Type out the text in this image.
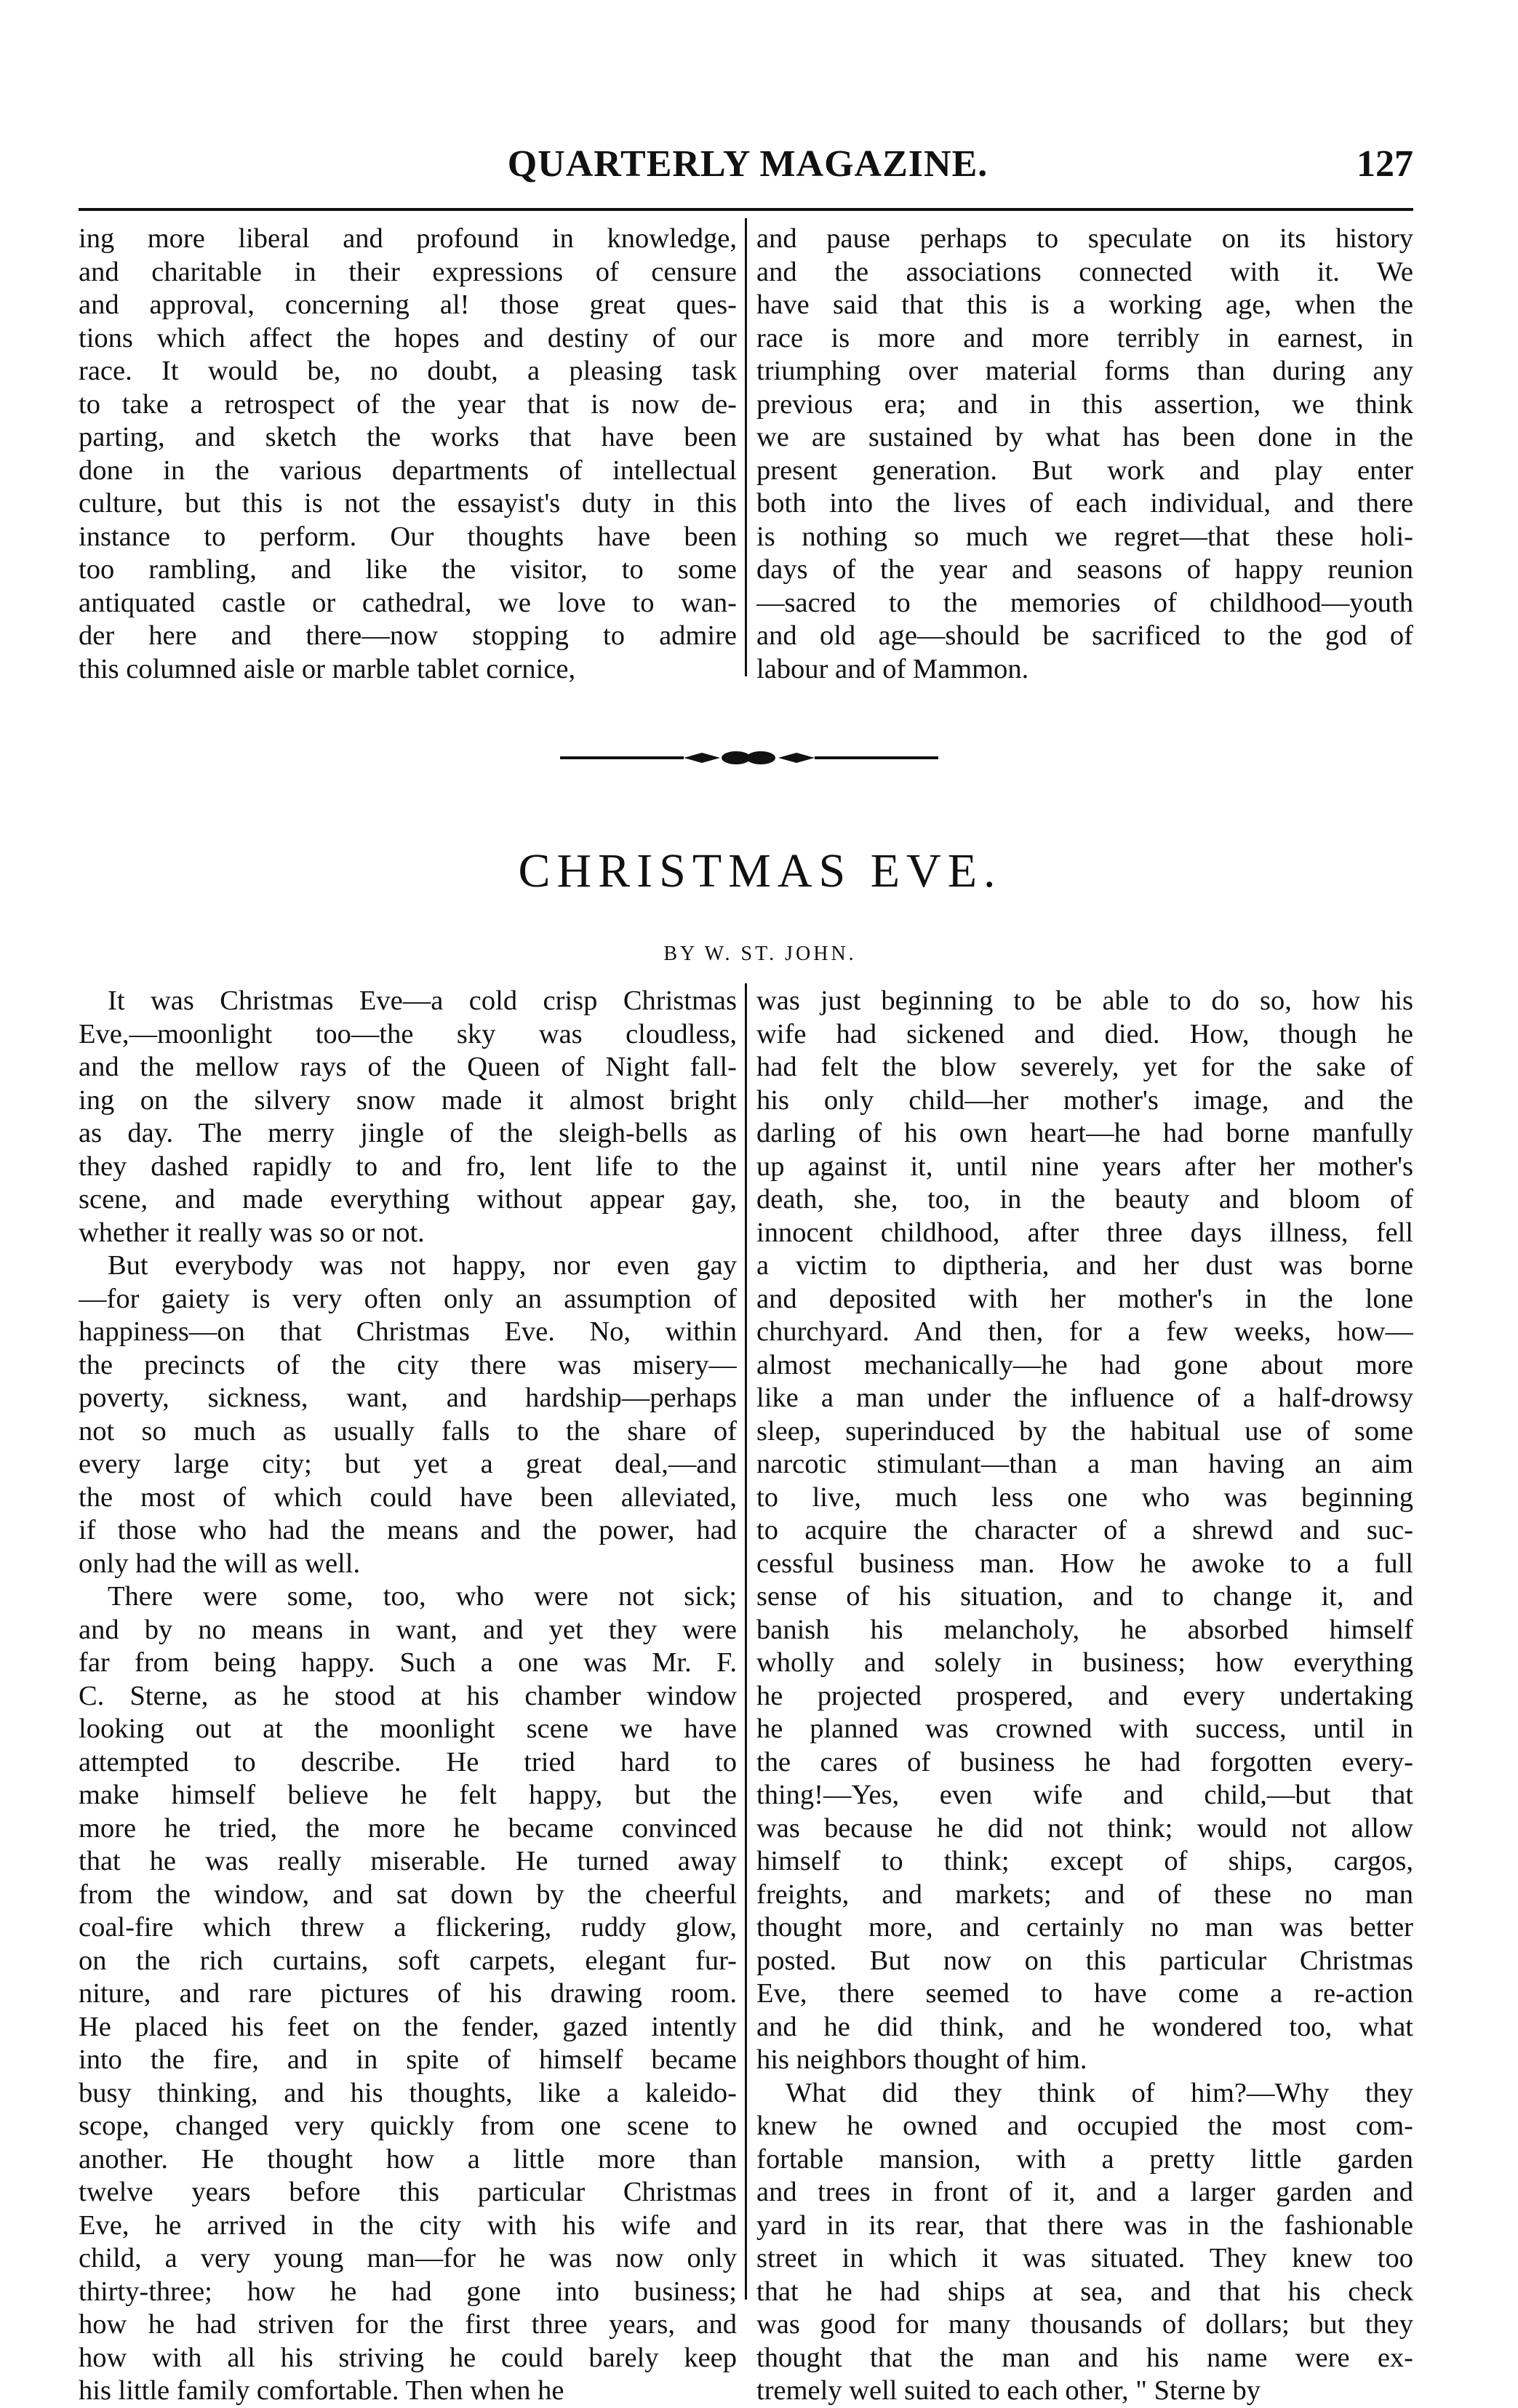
QUARTERLY MAGAZINE.	127
ing more liberal and profound in knowledge,
and charitable in their expressions of censure
and approval, concerning al! those great ques-
tions which affect the hopes and destiny of our
race. It would be, no doubt, a pleasing task
to take a retrospect of the year that is now de-
parting, and sketch the works that have been
done in the various departments of intellectual
culture, but this is not the essayist's duty in this
instance to perform. Our thoughts have been
too rambling, and like the visitor, to some
antiquated castle or cathedral, we love to wan-
der here and there—now stopping to admire
this columned aisle or marble tablet cornice,
and pause perhaps to speculate on its history
and the associations connected with it. We
have said that this is a working age, when the
race is more and more terribly in earnest, in
triumphing over material forms than during any
previous era; and in this assertion, we think
we are sustained by what has been done in the
present generation. But work and play enter
both into the lives of each individual, and there
is nothing so much we regret—that these holi-
days of the year and seasons of happy reunion
—sacred to the memories of childhood—youth
and old age—should be sacrificed to the god of
labour and of Mammon.
CHRISTMAS EVE.
BY W. ST. JOHN.
It was Christmas Eve—a cold crisp Christmas
Eve,—moonlight too—the sky was cloudless,
and the mellow rays of the Queen of Night fall-
ing on the silvery snow made it almost bright
as day. The merry jingle of the sleigh-bells as
they dashed rapidly to and fro, lent life to the
scene, and made everything without appear gay,
whether it really was so or not.
But everybody was not happy, nor even gay
—for gaiety is very often only an assumption of
happiness—on that Christmas Eve. No, within
the precincts of the city there was misery—
poverty, sickness, want, and hardship—perhaps
not so much as usually falls to the share of
every large city; but yet a great deal,—and
the most of which could have been alleviated,
if those who had the means and the power, had
only had the will as well.
There were some, too, who were not sick;
and by no means in want, and yet they were
far from being happy. Such a one was Mr. F.
C. Sterne, as he stood at his chamber window
looking out at the moonlight scene we have
attempted to describe. He tried hard to
make himself believe he felt happy, but the
more he tried, the more he became convinced
that he was really miserable. He turned away
from the window, and sat down by the cheerful
coal-fire which threw a flickering, ruddy glow,
on the rich curtains, soft carpets, elegant fur-
niture, and rare pictures of his drawing room.
He placed his feet on the fender, gazed intently
into the fire, and in spite of himself became
busy thinking, and his thoughts, like a kaleido-
scope, changed very quickly from one scene to
another. He thought how a little more than
twelve years before this particular Christmas
Eve, he arrived in the city with his wife and
child, a very young man—for he was now only
thirty-three; how he had gone into business;
how he had striven for the first three years, and
how with all his striving he could barely keep
his little family comfortable. Then when he
was just beginning to be able to do so, how his
wife had sickened and died. How, though he
had felt the blow severely, yet for the sake of
his only child—her mother's image, and the
darling of his own heart—he had borne manfully
up against it, until nine years after her mother's
death, she, too, in the beauty and bloom of
innocent childhood, after three days illness, fell
a victim to diptheria, and her dust was borne
and deposited with her mother's in the lone
churchyard. And then, for a few weeks, how—
almost mechanically—he had gone about more
like a man under the influence of a half-drowsy
sleep, superinduced by the habitual use of some
narcotic stimulant—than a man having an aim
to live, much less one who was beginning
to acquire the character of a shrewd and suc-
cessful business man. How he awoke to a full
sense of his situation, and to change it, and
banish his melancholy, he absorbed himself
wholly and solely in business; how everything
he projected prospered, and every undertaking
he planned was crowned with success, until in
the cares of business he had forgotten every-
thing!—Yes, even wife and child,—but that
was because he did not think; would not allow
himself to think; except of ships, cargos,
freights, and markets; and of these no man
thought more, and certainly no man was better
posted. But now on this particular Christmas
Eve, there seemed to have come a re-action
and he did think, and he wondered too, what
his neighbors thought of him.
What did they think of him?—Why they
knew he owned and occupied the most com-
fortable mansion, with a pretty little garden
and trees in front of it, and a larger garden and
yard in its rear, that there was in the fashionable
street in which it was situated. They knew too
that he had ships at sea, and that his check
was good for many thousands of dollars; but they
thought that the man and his name were ex-
tremely well suited to each other, " Sterne by
